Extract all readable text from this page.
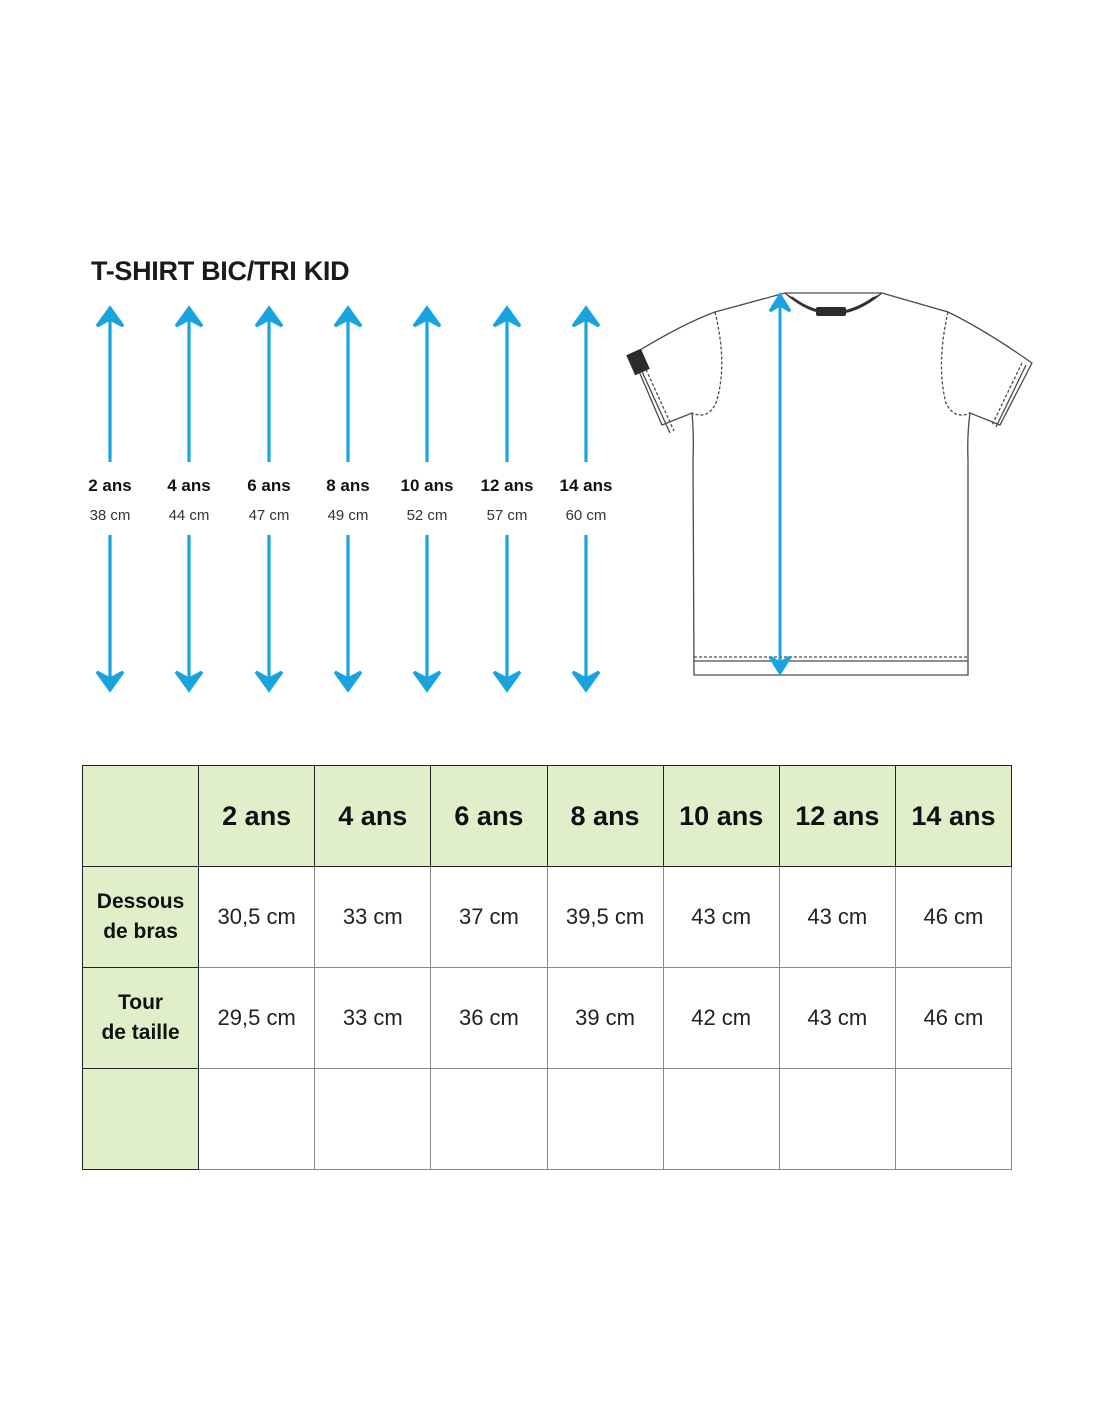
T-SHIRT BIC/TRI KID
2 ans
38 cm
4 ans
44 cm
6 ans
47 cm
8 ans
49 cm
10 ans
52 cm
12 ans
57 cm
14 ans
60 cm
	2 ans	4 ans	6 ans	8 ans	10 ans	12 ans	14 ans

Dessous
de bras	30,5 cm	33 cm	37 cm	39,5 cm	43 cm	43 cm	46 cm

Tour
de taille	29,5 cm	33 cm	36 cm	39 cm	42 cm	43 cm	46 cm
